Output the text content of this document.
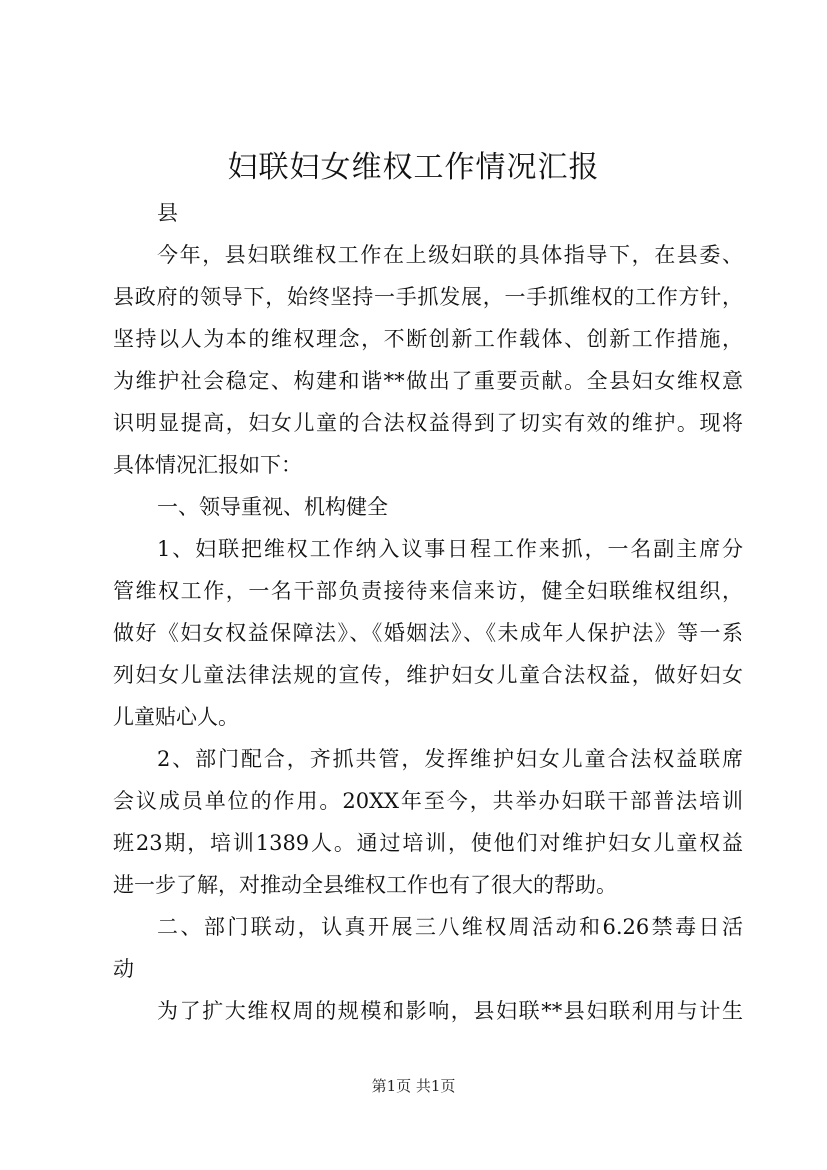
妇联妇女维权工作情况汇报
县
今年，县妇联维权工作在上级妇联的具体指导下，在县委、
县政府的领导下，始终坚持一手抓发展，一手抓维权的工作方针，
坚持以人为本的维权理念，不断创新工作载体、创新工作措施，
为维护社会稳定、构建和谐**做出了重要贡献。全县妇女维权意
识明显提高，妇女儿童的合法权益得到了切实有效的维护。现将
具体情况汇报如下：
一、领导重视、机构健全
1、妇联把维权工作纳入议事日程工作来抓，一名副主席分
管维权工作，一名干部负责接待来信来访，健全妇联维权组织，
做好《妇女权益保障法》、《婚姻法》、《未成年人保护法》等一系
列妇女儿童法律法规的宣传，维护妇女儿童合法权益，做好妇女
儿童贴心人。
2、部门配合，齐抓共管，发挥维护妇女儿童合法权益联席
会议成员单位的作用。20XX年至今，共举办妇联干部普法培训
班23期，培训1389人。通过培训，使他们对维护妇女儿童权益
进一步了解，对推动全县维权工作也有了很大的帮助。
二、部门联动，认真开展三八维权周活动和6.26禁毒日活
动
为了扩大维权周的规模和影响，县妇联**县妇联利用与计生
第1页 共1页
